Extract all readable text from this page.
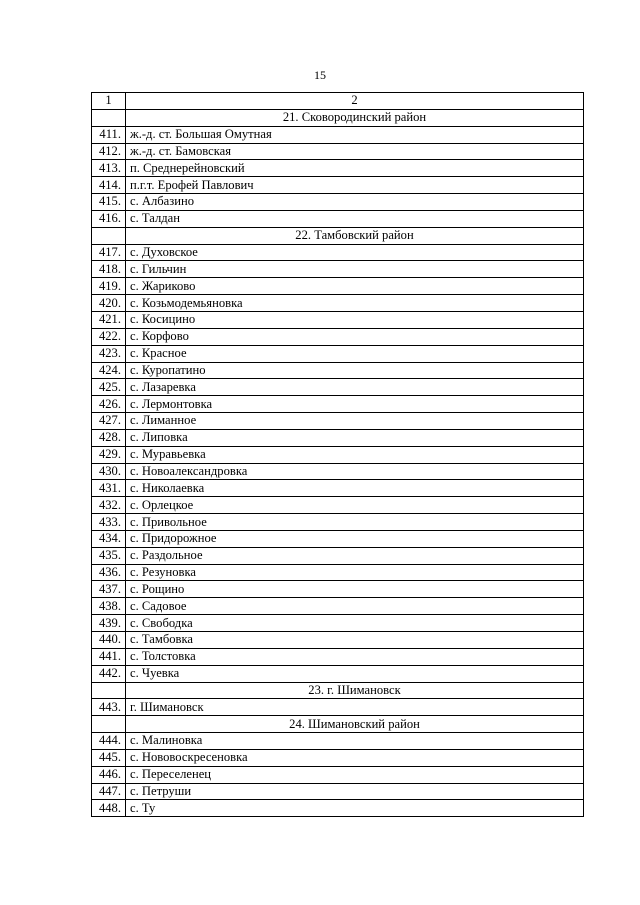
15
1	2
	21. Сковородинский район
411.	ж.-д. ст. Большая Омутная
412.	ж.-д. ст. Бамовская
413.	п. Среднерейновский
414.	п.г.т. Ерофей Павлович
415.	с. Албазино
416.	с. Талдан
	22. Тамбовский район
417.	с. Духовское
418.	с. Гильчин
419.	с. Жариково
420.	с. Козьмодемьяновка
421.	с. Косицино
422.	с. Корфово
423.	с. Красное
424.	с. Куропатино
425.	с. Лазаревка
426.	с. Лермонтовка
427.	с. Лиманное
428.	с. Липовка
429.	с. Муравьевка
430.	с. Новоалександровка
431.	с. Николаевка
432.	с. Орлецкое
433.	с. Привольное
434.	с. Придорожное
435.	с. Раздольное
436.	с. Резуновка
437.	с. Рощино
438.	с. Садовое
439.	с. Свободка
440.	с. Тамбовка
441.	с. Толстовка
442.	с. Чуевка
	23. г. Шимановск
443.	г. Шимановск
	24. Шимановский район
444.	с. Малиновка
445.	с. Нововоскресеновка
446.	с. Переселенец
447.	с. Петруши
448.	с. Ту
